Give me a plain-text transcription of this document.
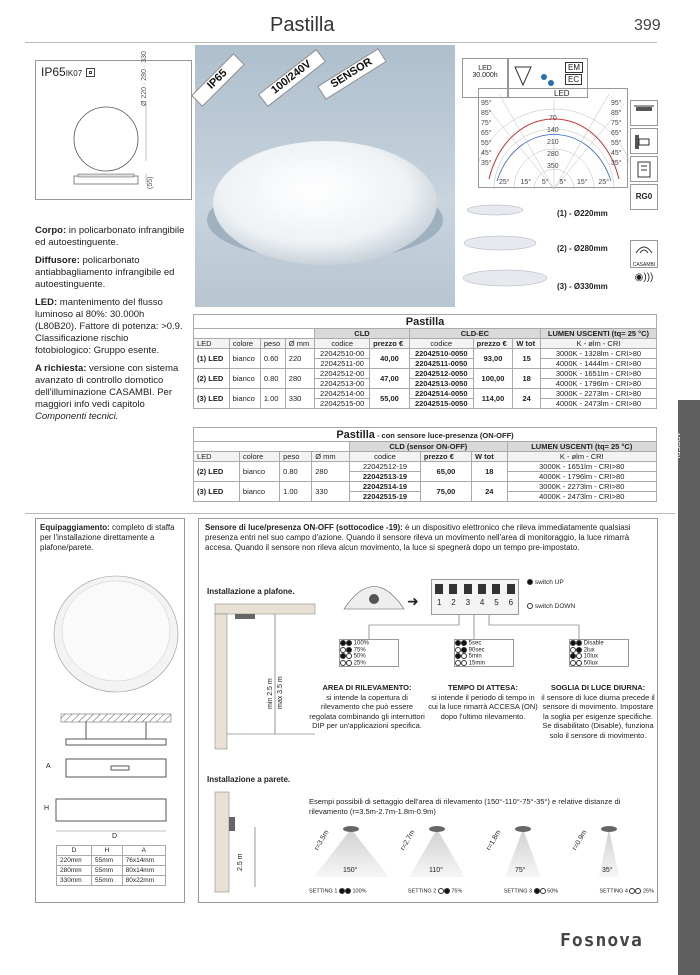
Pastilla	399
IP65IK07	Ø 220 · 280 · 330
(55)
IP65	100/240V	SENSOR	LED
30.000h
EM
EC
LED
95°
85°
75°
65°
55°
45°
35°
95°
85°
75°
65°
55°
45°
35°
70
140
210
280
350
25° 15° 5° 5° 15° 25°
RG0
CASAMBI
◉)))
(1) - Ø220mm
(2) - Ø280mm
(3) - Ø330mm

Corpo: in policarbonato infrangibile ed autoestinguente.

Diffusore: policarbonato antiabbagliamento infrangibile ed autoestinguente.

LED: mantenimento del flusso luminoso al 80%: 30.000h (L80B20). Fattore di potenza: >0.9. Classificazione rischio fotobiologico: Gruppo esente.

A richiesta: versione con sistema avanzato di controllo domotico dell'illuminazione CASAMBI. Per maggiori info vedi capitolo Componenti tecnici.

Pastilla									
				CLD		CLD-EC			LUMEN USCENTI (tq= 25 °C)
LED	colore	peso	Ø mm	codice	prezzo €	codice	prezzo €	W tot	K - ølm - CRI
(1) LED	bianco	0.60	220	22042510-00	40,00	22042510-0050	93,00	15	3000K - 1328lm - CRI>80
				22042511-00		22042511-0050			4000K - 1444lm - CRI>80
(2) LED	bianco	0.80	280	22042512-00	47,00	22042512-0050	100,00	18	3000K - 1651lm - CRI>80
				22042513-00		22042513-0050			4000K - 1796lm - CRI>80
(3) LED	bianco	1.00	330	22042514-00	55,00	22042514-0050	114,00	24	3000K - 2273lm - CRI>80
				22042515-00		22042515-0050			4000K - 2473lm - CRI>80
Pastilla - con sensore luce-presenza (ON-OFF)							
				CLD (sensor ON-OFF)			LUMEN USCENTI (tq= 25 °C)
LED	colore	peso	Ø mm	codice	prezzo €	W tot	K - ølm - CRI
(2) LED	bianco	0.80	280	22042512-19	65,00	18	3000K - 1651lm - CRI>80
				22042513-19			4000K - 1796lm - CRI>80
(3) LED	bianco	1.00	330	22042514-19	75,00	24	3000K - 2273lm - CRI>80
				22042515-19			4000K - 2473lm - CRI>80
ARREDI
Equipaggiamento: completo di staffa per l'installazione direttamente a plafone/parete.
A
H
D
D	H	A
220mm	55mm	76x14mm
280mm	55mm	80x14mm
330mm	55mm	80x22mm
Sensore di luce/presenza ON-OFF (sottocodice -19): è un dispositivo elettronico che rileva immediatamente qualsiasi presenza entri nel suo campo d'azione. Quando il sensore rileva un movimento nell'area di monitoraggio, la luce rimarrà accesa. Quando il sensore non rileva alcun movimento, la luce si spegnerà dopo un tempo pre-impostato.
Installazione a plafone.
min 2.5 m max 3.5 m
Installazione a parete.
2.5 m
➜ 1 2 3 4 5 6
switch UP
switch DOWN
100%
75%
50%
25%
5sec
90sec
5min
15min
Disable
2lux
10lux
50lux
AREA DI RILEVAMENTO:
si intende la copertura di rilevamento che può essere regolata combinando gli interruttori DIP per un'applicazioni specifica.
TEMPO DI ATTESA:
si intende il periodo di tempo in cui la luce rimarrà ACCESA (ON) dopo l'ultimo rilevamento.
SOGLIA DI LUCE DIURNA:
il sensore di luce diurna precede il sensore di movimento. Impostare la soglia per esigenze specifiche. Se disabilitato (Disable), funziona solo il sensore di movimento.
Esempi possibili di settaggio dell'area di rilevamento (150°-110°-75°-35°) e relative distanze di rilevamento (r=3.5m-2.7m-1.8m-0.9m)
r=3.5m	r=2.7m	r=1.8m	r=0.9m
150°	110°	75°	35°
SETTING 1	100%	SETTING 2	75%	SETTING 3	50%	SETTING 4	25%
Fosnova
